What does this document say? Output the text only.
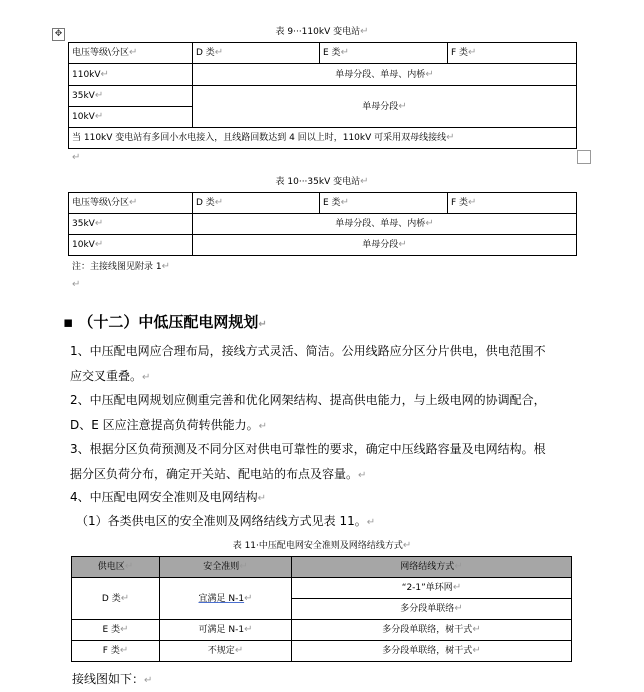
✥	表 9···110kV 变电站↵
电压等级\分区↵	D 类↵	E 类↵	F 类↵
110kV↵	单母分段、单母、内桥↵		
35kV↵	单母分段↵		
10kV↵			
当 110kV 变电站有多回小水电接入，且线路回数达到 4 回以上时，110kV 可采用双母线接线↵			
↵
表 10···35kV 变电站↵
电压等级\分区↵	D 类↵	E 类↵	F 类↵
35kV↵	单母分段、单母、内桥↵		
10kV↵	单母分段↵		
注：主接线图见附录 1↵
↵
▪ （十二）中低压配电网规划↵
1、中压配电网应合理布局，接线方式灵活、简洁。公用线路应分区分片供电，供电范围不
应交叉重叠。↵
2、中压配电网规划应侧重完善和优化网架结构、提高供电能力，与上级电网的协调配合，
D、E 区应注意提高负荷转供能力。↵
3、根据分区负荷预测及不同分区对供电可靠性的要求，确定中压线路容量及电网结构。根
据分区负荷分布，确定开关站、配电站的布点及容量。↵
4、中压配电网安全准则及电网结构↵
（1）各类供电区的安全准则及网络结线方式见表 11。↵
表 11·中压配电网安全准则及网络结线方式↵
供电区↵	安全准则↵	网络结线方式↵
D 类↵	宜满足 N-1↵	“2-1”单环网↵
		多分段单联络↵
E 类↵	可满足 N-1↵	多分段单联络，树干式↵
F 类↵	不规定↵	多分段单联络，树干式↵
接线图如下：↵
